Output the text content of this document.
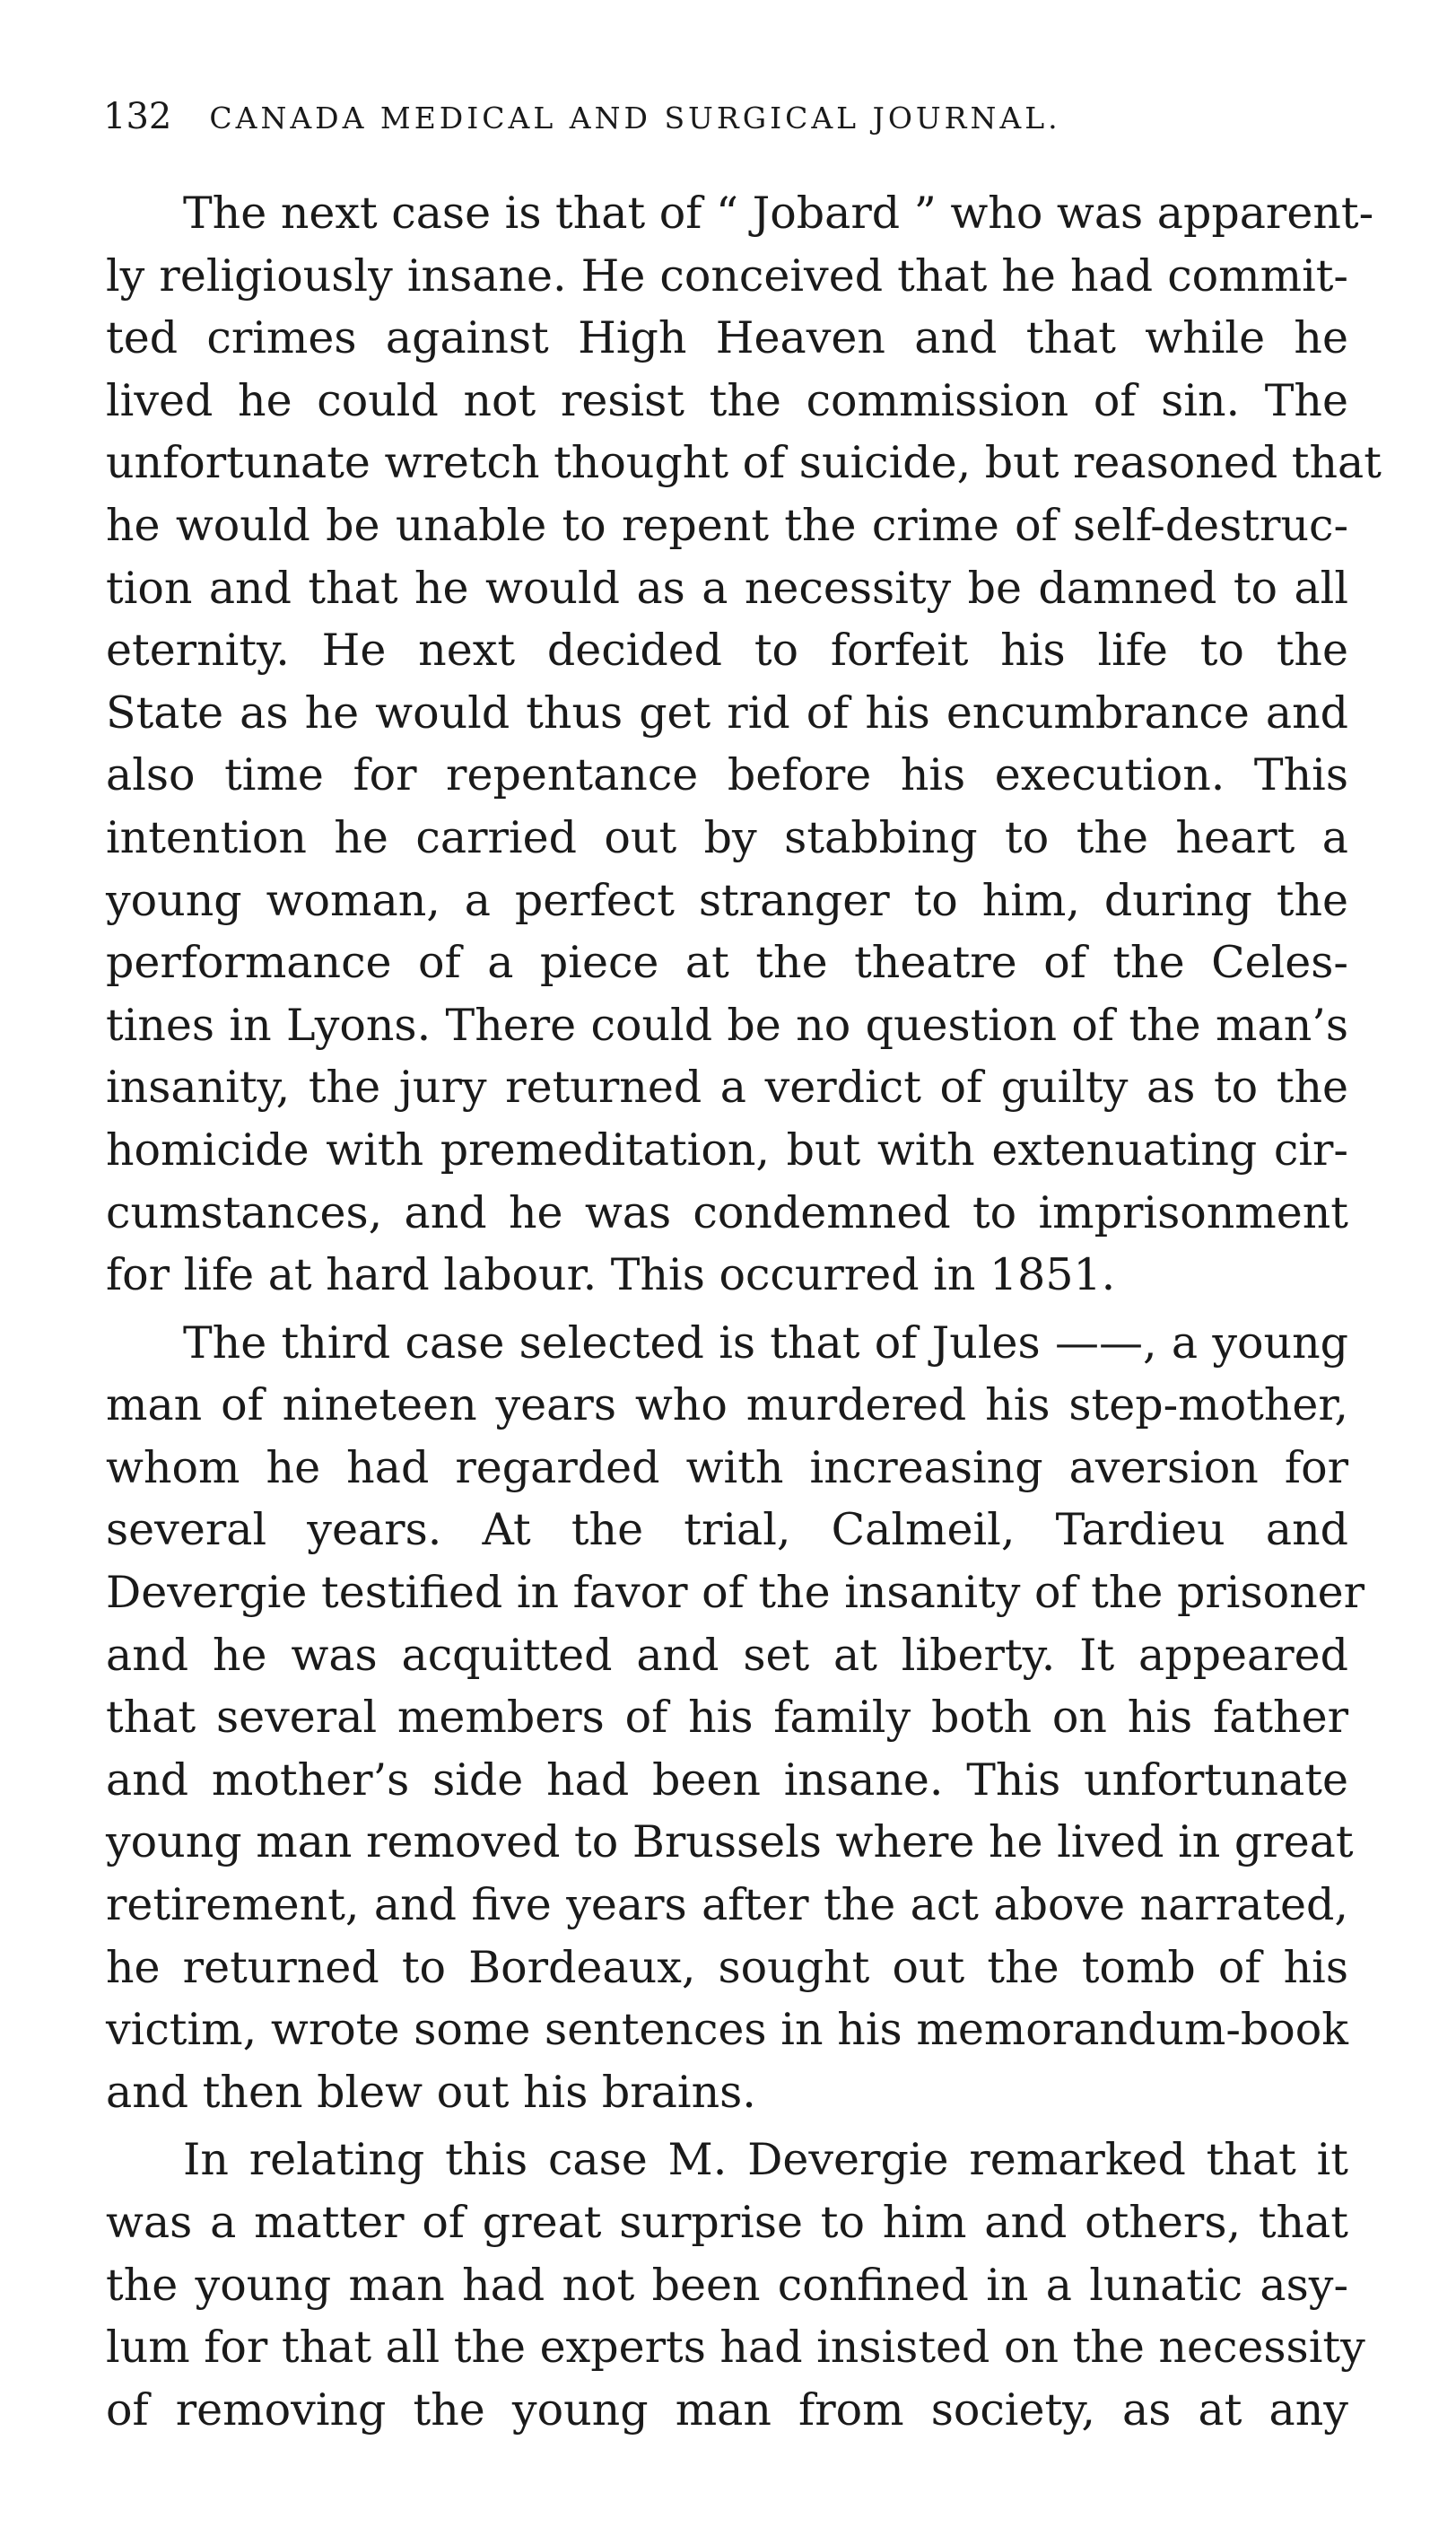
132 CANADA MEDICAL AND SURGICAL JOURNAL.
The next case is that of “ Jobard ” who was apparent-
ly religiously insane. He conceived that he had commit-
ted crimes against High Heaven and that while he
lived he could not resist the commission of sin. The
unfortunate wretch thought of suicide, but reasoned that
he would be unable to repent the crime of self-destruc-
tion and that he would as a necessity be damned to all
eternity. He next decided to forfeit his life to the
State as he would thus get rid of his encumbrance and
also time for repentance before his execution. This
intention he carried out by stabbing to the heart a
young woman, a perfect stranger to him, during the
performance of a piece at the theatre of the Celes-
tines in Lyons. There could be no question of the man’s
insanity, the jury returned a verdict of guilty as to the
homicide with premeditation, but with extenuating cir-
cumstances, and he was condemned to imprisonment
for life at hard labour. This occurred in 1851.
The third case selected is that of Jules ——, a young
man of nineteen years who murdered his step-mother,
whom he had regarded with increasing aversion for
several years. At the trial, Calmeil, Tardieu and
Devergie testified in favor of the insanity of the prisoner
and he was acquitted and set at liberty. It appeared
that several members of his family both on his father
and mother’s side had been insane. This unfortunate
young man removed to Brussels where he lived in great
retirement, and five years after the act above narrated,
he returned to Bordeaux, sought out the tomb of his
victim, wrote some sentences in his memorandum-book
and then blew out his brains.
In relating this case M. Devergie remarked that it
was a matter of great surprise to him and others, that
the young man had not been confined in a lunatic asy-
lum for that all the experts had insisted on the necessity
of removing the young man from society, as at any
